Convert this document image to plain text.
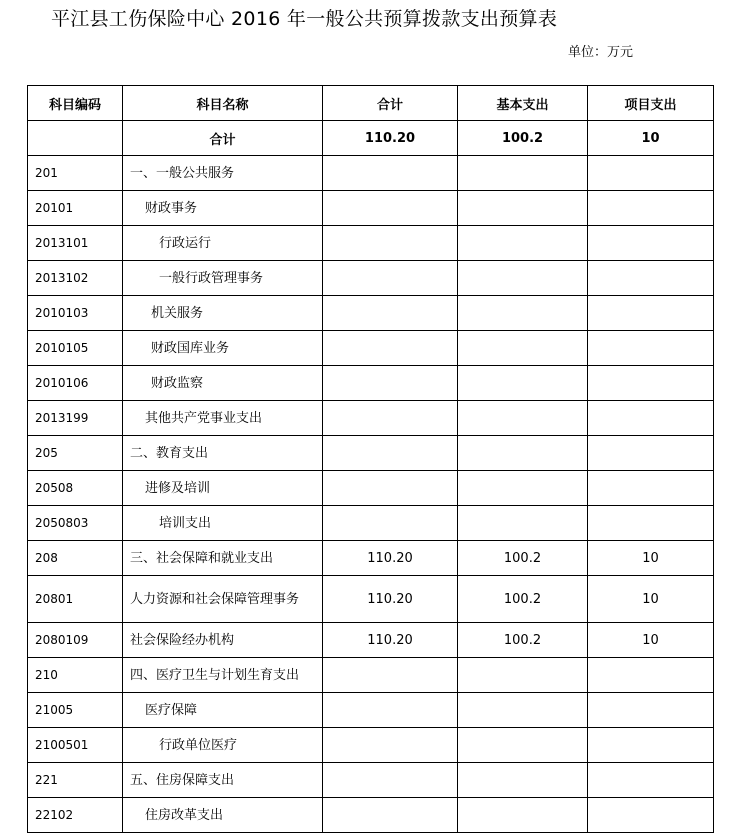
平江县工伤保险中心 2016 年一般公共预算拨款支出预算表
单位：万元
科目编码	科目名称	合计	基本支出	项目支出
	合计	110.20	100.2	10
201	一、一般公共服务			
20101	财政事务			
2013101	行政运行			
2013102	一般行政管理事务			
2010103	机关服务			
2010105	财政国库业务			
2010106	财政监察			
2013199	其他共产党事业支出			
205	二、教育支出			
20508	进修及培训			
2050803	培训支出			
208	三、社会保障和就业支出	110.20	100.2	10
20801	人力资源和社会保障管理事务	110.20	100.2	10
2080109	社会保险经办机构	110.20	100.2	10
210	四、医疗卫生与计划生育支出			
21005	医疗保障			
2100501	行政单位医疗			
221	五、住房保障支出			
22102	住房改革支出			
